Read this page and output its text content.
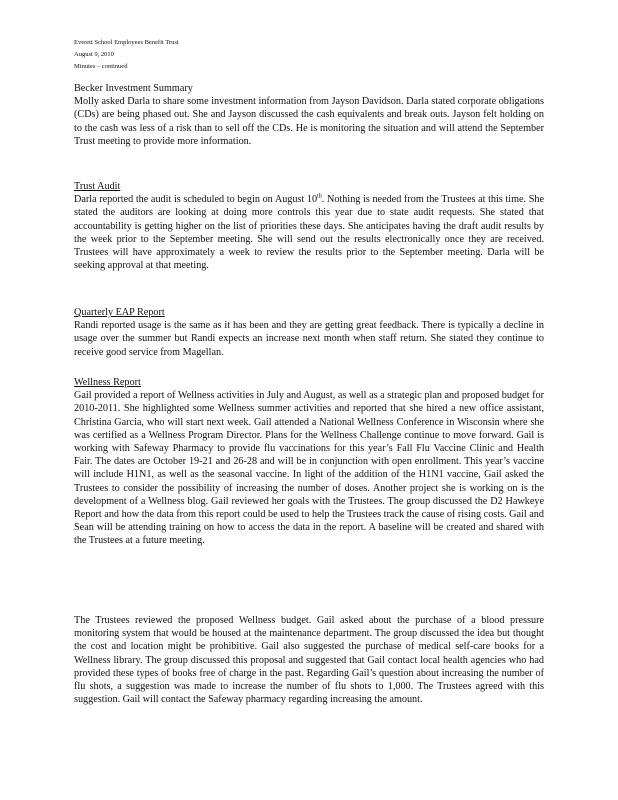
Everett School Employees Benefit Trust
August 9, 2010
Minutes – continued
Becker Investment Summary

Molly asked Darla to share some investment information from Jayson Davidson. Darla stated corporate obligations (CDs) are being phased out. She and Jayson discussed the cash equivalents and break outs. Jayson felt holding on to the cash was less of a risk than to sell off the CDs. He is monitoring the situation and will attend the September Trust meeting to provide more information.

Trust Audit

Darla reported the audit is scheduled to begin on August 10th. Nothing is needed from the Trustees at this time. She stated the auditors are looking at doing more controls this year due to state audit requests. She stated that accountability is getting higher on the list of priorities these days. She anticipates having the draft audit results by the week prior to the September meeting. She will send out the results electronically once they are received. Trustees will have approximately a week to review the results prior to the September meeting. Darla will be seeking approval at that meeting.

Quarterly EAP Report

Randi reported usage is the same as it has been and they are getting great feedback. There is typically a decline in usage over the summer but Randi expects an increase next month when staff return. She stated they continue to receive good service from Magellan.

Wellness Report

Gail provided a report of Wellness activities in July and August, as well as a strategic plan and proposed budget for 2010-2011. She highlighted some Wellness summer activities and reported that she hired a new office assistant, Christina Garcia, who will start next week. Gail attended a National Wellness Conference in Wisconsin where she was certified as a Wellness Program Director. Plans for the Wellness Challenge continue to move forward. Gail is working with Safeway Pharmacy to provide flu vaccinations for this year’s Fall Flu Vaccine Clinic and Health Fair. The dates are October 19-21 and 26-28 and will be in conjunction with open enrollment. This year’s vaccine will include H1N1, as well as the seasonal vaccine. In light of the addition of the H1N1 vaccine, Gail asked the Trustees to consider the possibility of increasing the number of doses. Another project she is working on is the development of a Wellness blog. Gail reviewed her goals with the Trustees. The group discussed the D2 Hawkeye Report and how the data from this report could be used to help the Trustees track the cause of rising costs. Gail and Sean will be attending training on how to access the data in the report. A baseline will be created and shared with the Trustees at a future meeting.

The Trustees reviewed the proposed Wellness budget. Gail asked about the purchase of a blood pressure monitoring system that would be housed at the maintenance department. The group discussed the idea but thought the cost and location might be prohibitive. Gail also suggested the purchase of medical self-care books for a Wellness library. The group discussed this proposal and suggested that Gail contact local health agencies who had provided these types of books free of charge in the past. Regarding Gail’s question about increasing the number of flu shots, a suggestion was made to increase the number of flu shots to 1,000. The Trustees agreed with this suggestion. Gail will contact the Safeway pharmacy regarding increasing the amount.
